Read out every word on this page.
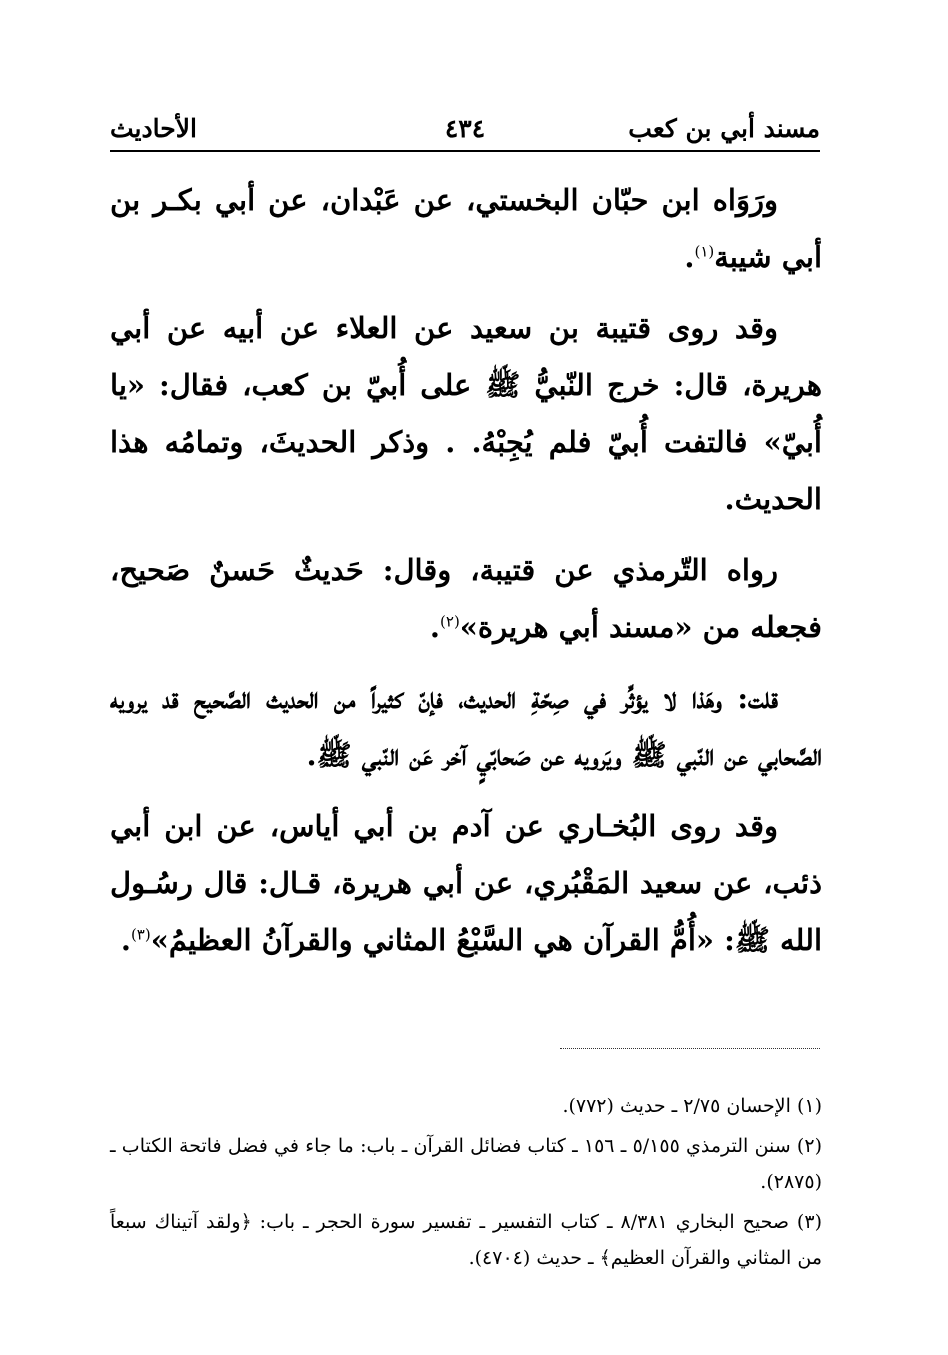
مسند أبي بن كعب
٤٣٤
الأحاديث

ورَوَاه ابن حبّان البخستي، عن عَبْدان، عن أبي بكـر بن أبي شيبة$^{(١)}$.

وقد روى قتيبة بن سعيد عن العلاء عن أبيه عن أبي هريرة، قال: خرج النّبيُّ ﷺ على أُبيّ بن كعب، فقال: «يا أُبيّ» فالتفت أُبيّ فلم يُجِبْهُ. . وذكر الحديثَ، وتمامُه هذا الحديث.

رواه التّرمذي عن قتيبة، وقال: حَديثٌ حَسنٌ صَحيح، فجعله من «مسند أبي هريرة»$^{(٢)}$.

قلت: وهَذا لا يؤثِّر في صِحّةِ الحديث، فإنّ كثيراً من الحديث الصَّحيح قد يرويه الصَّحابي عن النّبي ﷺ ويَرويه عن صَحابّيٍ آخر عَن النّبي ﷺ.

وقد روى البُخـاري عن آدم بن أبي أياس، عن ابن أبي ذئب، عن سعيد المَقْبُري، عن أبي هريرة، قـال: قال رسُـول الله ﷺ: «أُمُّ القرآن هي السَّبْعُ المثاني والقرآنُ العظيمُ»$^{(٣)}$.

(١) الإحسان ٢/٧٥ ـ حديث (٧٧٢).

(٢) سنن الترمذي ٥/١٥٥ ـ ١٥٦ ـ كتاب فضائل القرآن ـ باب: ما جاء في فضل فاتحة الكتاب ـ (٢٨٧٥).

(٣) صحيح البخاري ٨/٣٨١ ـ كتاب التفسير ـ تفسير سورة الحجر ـ باب: ﴿ولقد آتيناك سبعاً من المثاني والقرآن العظيم﴾ ـ حديث (٤٧٠٤).
